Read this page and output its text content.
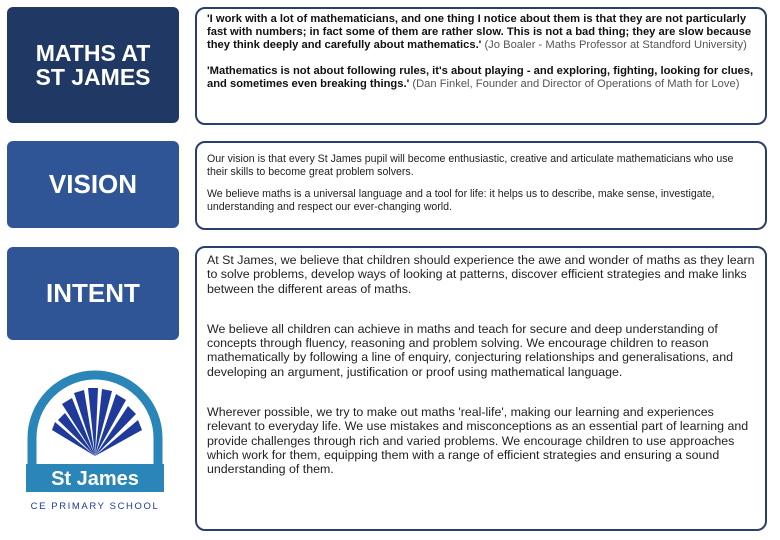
MATHS AT ST JAMES
VISION
INTENT

'I work with a lot of mathematicians, and one thing I notice about them is that they are not particularly fast with numbers; in fact some of them are rather slow. This is not a bad thing; they are slow because they think deeply and carefully about mathematics.' (Jo Boaler - Maths Professor at Standford University)

'Mathematics is not about following rules, it's about playing - and exploring, fighting, looking for clues, and sometimes even breaking things.' (Dan Finkel, Founder and Director of Operations of Math for Love)

Our vision is that every St James pupil will become enthusiastic, creative and articulate mathematicians who use their skills to become great problem solvers.

We believe maths is a universal language and a tool for life: it helps us to describe, make sense, investigate, understanding and respect our ever-changing world.

At St James, we believe that children should experience the awe and wonder of maths as they learn to solve problems, develop ways of looking at patterns, discover efficient strategies and make links between the different areas of maths.

We believe all children can achieve in maths and teach for secure and deep understanding of concepts through fluency, reasoning and problem solving. We encourage children to reason mathematically by following a line of enquiry, conjecturing relationships and generalisations, and developing an argument, justification or proof using mathematical language.

Wherever possible, we try to make out maths 'real-life', making our learning and experiences relevant to everyday life. We use mistakes and misconceptions as an essential part of learning and provide challenges through rich and varied problems. We encourage children to use approaches which work for them, equipping them with a range of efficient strategies and ensuring a sound understanding of them.

St James
CE PRIMARY SCHOOL
